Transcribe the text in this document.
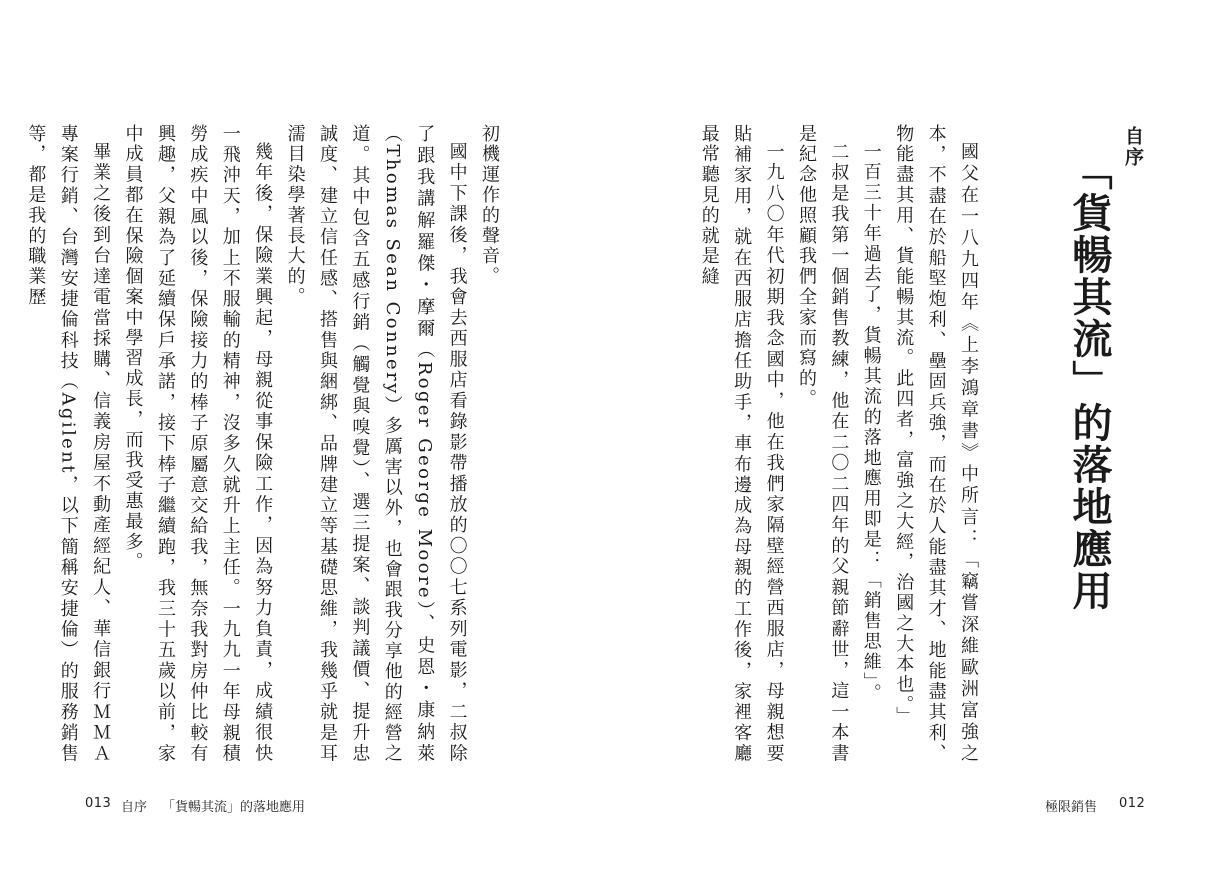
初機運作的聲音。

國中下課後，我會去西服店看錄影帶播放的〇〇七系列電影，二叔除了跟我講解羅傑・摩爾（Roger George Moore）、史恩・康納萊（Thomas Sean Connery）多厲害以外，也會跟我分享他的經營之道。其中包含五感行銷（觸覺與嗅覺）、選三提案、談判議價、提升忠誠度、建立信任感、搭售與綑綁、品牌建立等基礎思維，我幾乎就是耳濡目染學著長大的。

幾年後，保險業興起，母親從事保險工作，因為努力負責，成績很快一飛沖天，加上不服輸的精神，沒多久就升上主任。一九九一年母親積勞成疾中風以後，保險接力的棒子原屬意交給我，無奈我對房仲比較有興趣，父親為了延續保戶承諾，接下棒子繼續跑，我三十五歲以前，家中成員都在保險個案中學習成長，而我受惠最多。

畢業之後到台達電當採購、信義房屋不動產經紀人、華信銀行ＭＭＡ專案行銷、台灣安捷倫科技（Agilent，以下簡稱安捷倫）的服務銷售等，都是我的職業歷

013 自序 「貨暢其流」的落地應用
自序
「貨暢其流」的落地應用

國父在一八九四年《上李鴻章書》中所言：「竊嘗深維歐洲富強之本，不盡在於船堅炮利、壘固兵強，而在於人能盡其才、地能盡其利、物能盡其用、貨能暢其流。此四者，富強之大經，治國之大本也。」

一百三十年過去了，貨暢其流的落地應用即是：「銷售思維」。

二叔是我第一個銷售教練，他在二〇二四年的父親節辭世，這一本書是紀念他照顧我們全家而寫的。

一九八〇年代初期我念國中，他在我們家隔壁經營西服店，母親想要貼補家用，就在西服店擔任助手，車布邊成為母親的工作後，家裡客廳最常聽見的就是縫

極限銷售 012
